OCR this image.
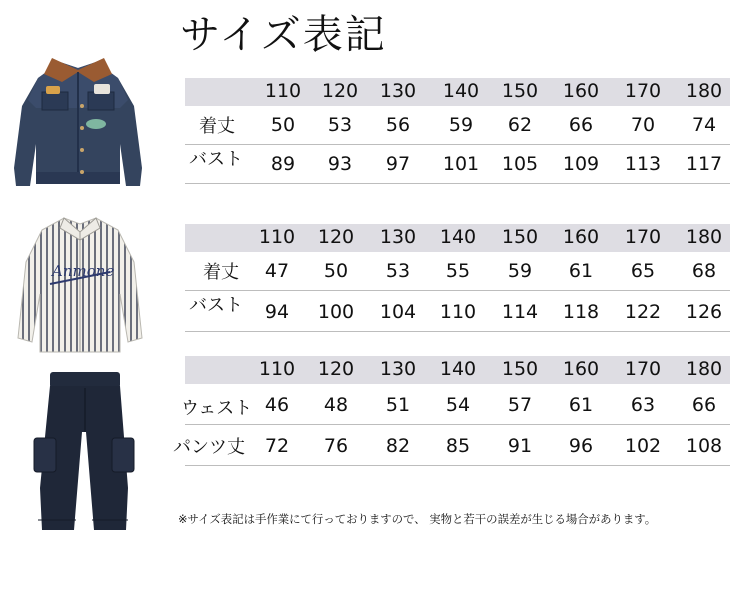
サイズ表記
Anmone
110	120	130	140	150	160	170	180
着丈	50	53	56	59	62	66	70	74
バスト	89	93	97	101	105	109	113	117
110	120	130	140	150	160	170	180
着丈	47	50	53	55	59	61	65	68
バスト	94	100	104	110	114	118	122	126
110	120	130	140	150	160	170	180
ウェスト 46	48	51	54	57	61	63	66
パンツ丈	72	76	82	85	91	96	102	108
※サイズ表記は手作業にて行っておりますので、 実物と若干の誤差が生じる場合があります。
